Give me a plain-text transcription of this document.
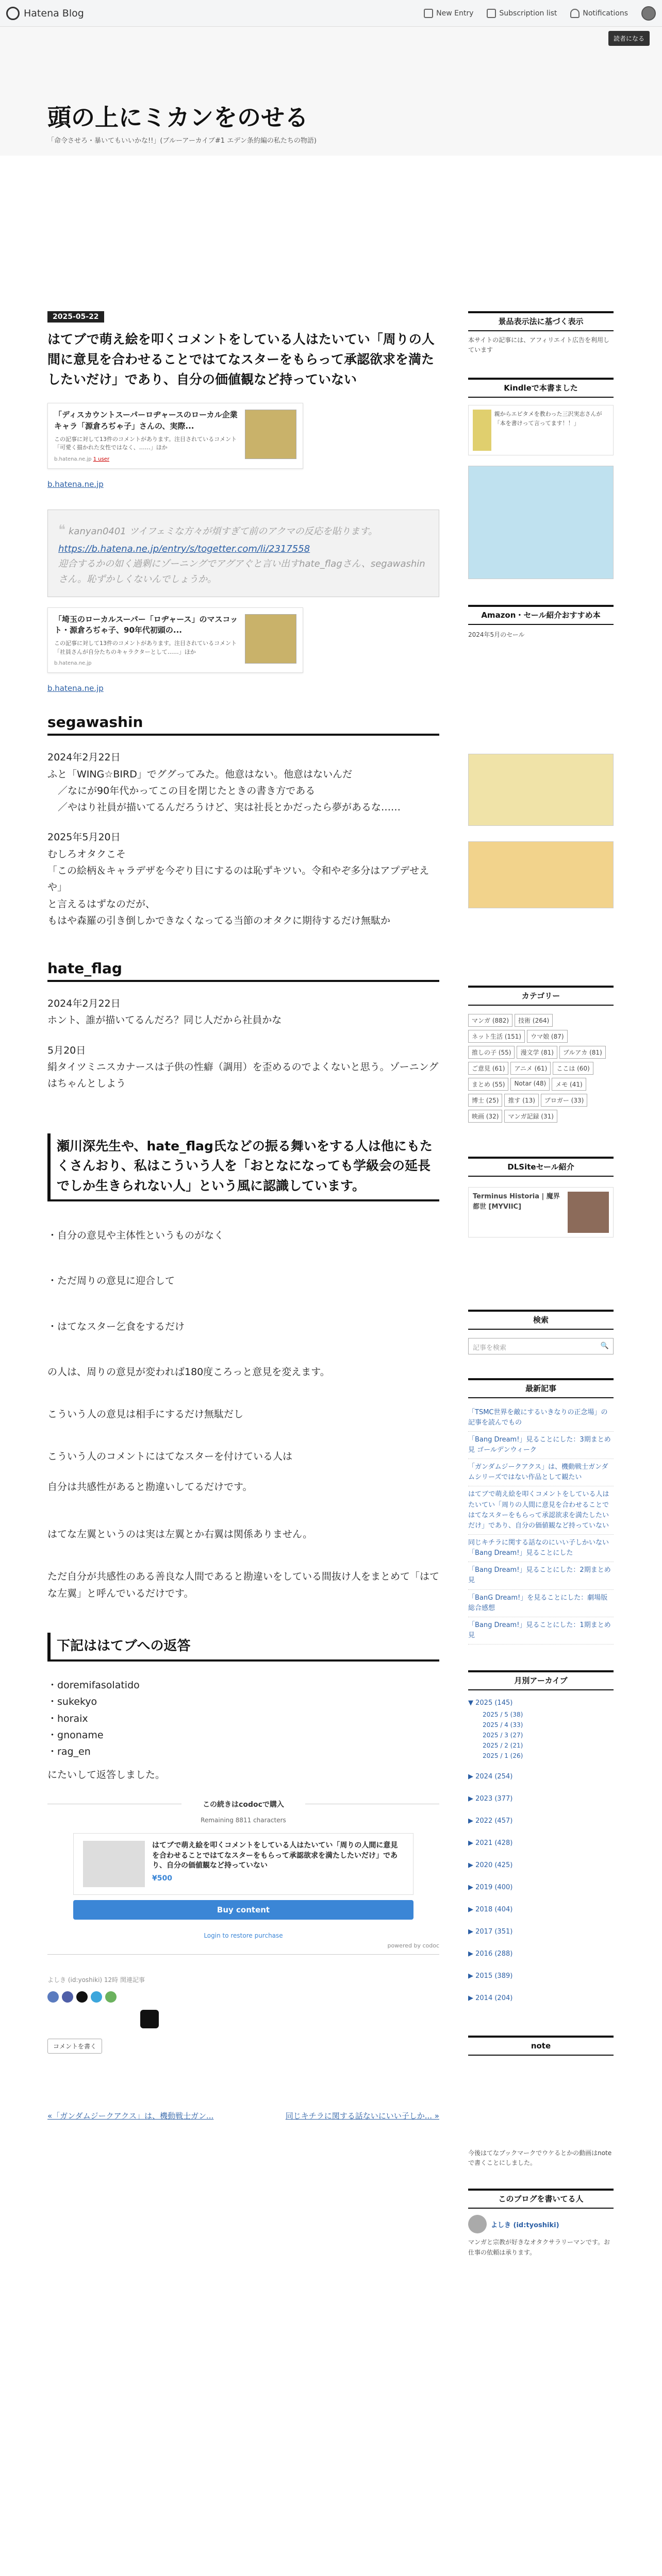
Hatena Blog	New Entry	Subscription list	Notifications
読者になる
頭の上にミカンをのせる
「命令させろ・暴いてもいいかな!!」(ブルーアーカイブ#1 エデン条約編の私たちの物語)
2025-05-22
はてブで萌え絵を叩くコメントをしている人はたいてい「周りの人間に意見を合わせることではてなスターをもらって承認欲求を満たしたいだけ」であり、自分の価値観など持っていない
「ディスカウントスーパーロヂャースのローカル企業キャラ「源倉ろぢゃ子」さんの、実際...
この記事に対して13件のコメントがあります。注目されているコメント「可愛く描かれた女性ではなく、……」ほか
b.hatena.ne.jp 1 user
b.hatena.ne.jp
❝ kanyan0401 ツイフェミな方々が煩すぎて前のアクマの反応を貼ります。
https://b.hatena.ne.jp/entry/s/togetter.com/li/2317558
迎合するかの如く過剰にゾーニングでアグアぐと言い出すhate_flagさん、segawashinさん。恥ずかしくないんでしょうか。
「埼玉のローカルスーパー「ロヂャース」のマスコット・源倉ろぢゃ子、90年代初頭の...
この記事に対して13件のコメントがあります。注目されているコメント「社員さんが自分たちのキャラクターとして……」ほか
b.hatena.ne.jp
b.hatena.ne.jp
segawashin

2024年2月22日

ふと「WING☆BIRD」でググってみた。他意はない。他意はないんだ

／なにが90年代かってこの目を閉じたときの書き方である

／やはり社員が描いてるんだろうけど、実は社長とかだったら夢があるな……

2025年5月20日

むしろオタクこそ

「この絵柄＆キャラデザを今ぞり目にするのは恥ずキツい。令和やぞ多分はアプデせえや」

と言えるはずなのだが、

もはや森羅の引き倒しかできなくなってる当節のオタクに期待するだけ無駄か

hate_flag

2024年2月22日

ホント、誰が描いてるんだろ？同じ人だから社員かな

5月20日

絹タイツミニスカナースは子供の性癖（調用）を歪めるのでよくないと思う。ゾーニングはちゃんとしよう

瀬川深先生や、hate_flag氏などの振る舞いをする人は他にもたくさんおり、私はこういう人を「おとなになっても学級会の延長でしか生きられない人」という風に認識しています。

・自分の意見や主体性というものがなく

・ただ周りの意見に迎合して

・はてなスター乞食をするだけ

の人は、周りの意見が変われば180度ころっと意見を変えます。

こういう人の意見は相手にするだけ無駄だし

こういう人のコメントにはてなスターを付けている人は

自分は共感性があると勘違いしてるだけです。

はてな左翼というのは実は左翼とか右翼は関係ありません。

ただ自分が共感性のある善良な人間であると勘違いをしている間抜け人をまとめて「はてな左翼」と呼んでいるだけです。

下記ははてブへの返答

・doremifasolatido

・sukekyo

・horaix

・gnoname

・rag_en

にたいして返答しました。

この続きはcodocで購入
Remaining 8811 characters
はてブで萌え絵を叩くコメントをしている人はたいてい「周りの人間に意見を合わせることではてなスターをもらって承認欲求を満たしたいだけ」であり、自分の価値観など持っていない
¥500
Buy content
Login to restore purchase
powered by codoc
よしき (id:yoshiki) 12時 関連記事
コメントを書く
«「ガンダムジークアクス」は、機動戦士ガン...	同じキチラに関する話ないにいい子しか... »
景品表示法に基づく表示
本サイトの記事には、アフィリエイト広告を利用しています
Kindleで本書ました
親からエピタメを教わった三沢実志さんが「本を書けって言ってます！！」
Amazon・セール紹介おすすめ本
2024年5月のセール
カテゴリー
マンガ (882)	技術 (264)
ネット生活 (151)	ウマ娘 (87)
推しの子 (55)	漫文学 (81)	ブルアカ (81)
ご意見 (61)	アニメ (61)	ここは (60)
まとめ (55)	Notar (48)	メモ (41)
博士 (25)	推す (13)	ブロガー (33)
映画 (32)	マンガ記録 (31)
DLSiteセール紹介
Terminus Historia | 魔界都世 [MYVIIC]
検索
記事を検索	🔍
最新記事
「TSMC世界を敵にするいきなりの正念場」の記事を読んでもの
「Bang Dream!」見ることにした：3期まとめ見 ゴールデンウィーク
「ガンダムジークアクス」は、機動戦士ガンダムシリーズではない作品として観たい
はてブで萌え絵を叩くコメントをしている人はたいてい「周りの人間に意見を合わせることではてなスターをもらって承認欲求を満たしたいだけ」であり、自分の価値観など持っていない
同じキチラに関する話なのにいい子しかいない「Bang Dream!」見ることにした
「Bang Dream!」見ることにした：2期まとめ見
「BanG Dream!」を見ることにした：劇場版総合感想
「Bang Dream!」見ることにした：1期まとめ見
月別アーカイブ
▼ 2025 (145)
2025 / 5 (38)
2025 / 4 (33)
2025 / 3 (27)
2025 / 2 (21)
2025 / 1 (26)
▶ 2024 (254)
▶ 2023 (377)
▶ 2022 (457)
▶ 2021 (428)
▶ 2020 (425)
▶ 2019 (400)
▶ 2018 (404)
▶ 2017 (351)
▶ 2016 (288)
▶ 2015 (389)
▶ 2014 (204)
note
今後はてなブックマークでウケるとかの動画はnoteで書くことにしました。
このブログを書いてる人
よしき (id:tyoshiki)
マンガと宗教が好きなオタクサラリーマンです。お仕事の依頼は承ります。
